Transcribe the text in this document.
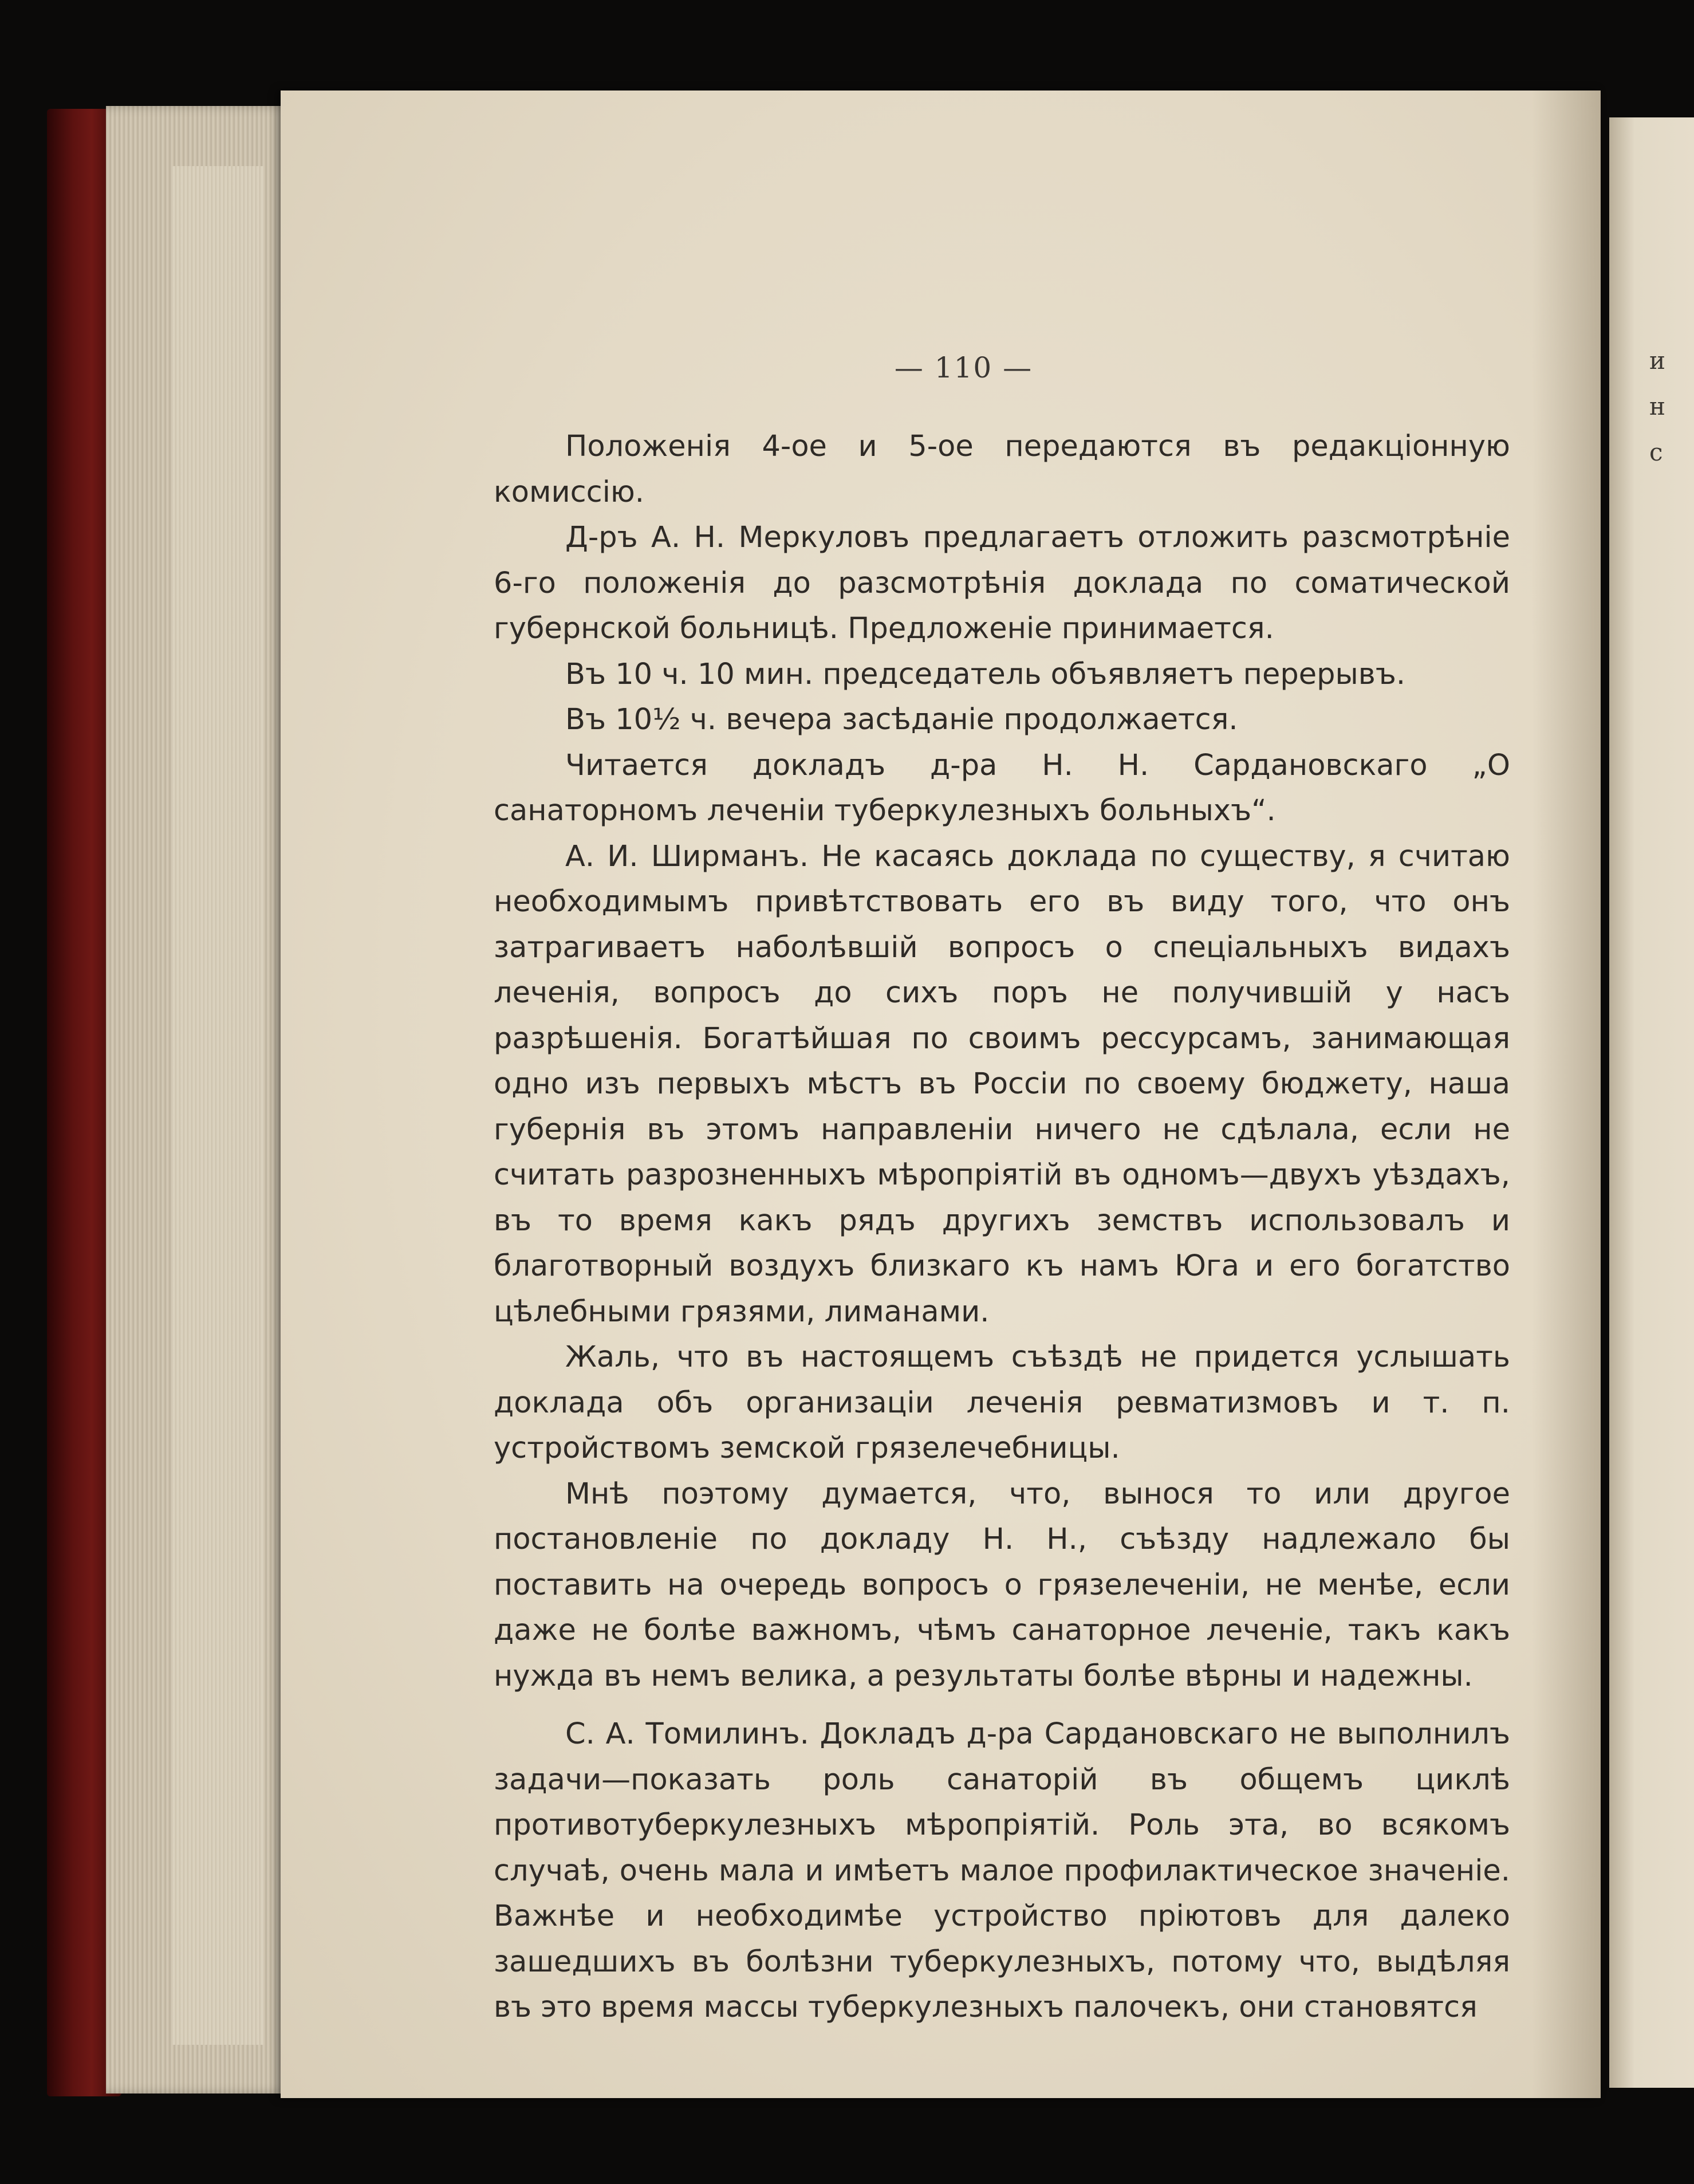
и
н
с
— 110 —

Положенія 4-ое и 5-ое передаются въ редакціонную комиссію.

Д-ръ А. Н. Меркуловъ предлагаетъ отложить разсмотрѣніе 6-го положенія до разсмотрѣнія доклада по соматической губернской больницѣ. Предложеніе принимается.

Въ 10 ч. 10 мин. председатель объявляетъ перерывъ.

Въ 10½ ч. вечера засѣданіе продолжается.

Читается докладъ д-ра Н. Н. Сардановскаго „О санаторномъ леченіи туберкулезныхъ больныхъ“.

А. И. Ширманъ. Не касаясь доклада по существу, я считаю необходимымъ привѣтствовать его въ виду того, что онъ затрагиваетъ наболѣвшій вопросъ о спеціальныхъ видахъ леченія, вопросъ до сихъ поръ не получившій у насъ разрѣшенія. Богатѣйшая по своимъ рессурсамъ, занимающая одно изъ первыхъ мѣстъ въ Россіи по своему бюджету, наша губернія въ этомъ направленіи ничего не сдѣлала, если не считать разрозненныхъ мѣропріятій въ одномъ—двухъ уѣздахъ, въ то время какъ рядъ другихъ земствъ использовалъ и благотворный воздухъ близкаго къ намъ Юга и его богатство цѣлебными грязями, лиманами.

Жаль, что въ настоящемъ съѣздѣ не придется услышать доклада объ организаціи леченія ревматизмовъ и т. п. устройствомъ земской грязелечебницы.

Мнѣ поэтому думается, что, вынося то или другое постановленіе по докладу Н. Н., съѣзду надлежало бы поставить на очередь вопросъ о грязелеченіи, не менѣе, если даже не болѣе важномъ, чѣмъ санаторное леченіе, такъ какъ нужда въ немъ велика, а результаты болѣе вѣрны и надежны.

С. А. Томилинъ. Докладъ д-ра Сардановскаго не выполнилъ задачи—показать роль санаторій въ общемъ циклѣ противотуберкулезныхъ мѣропріятій. Роль эта, во всякомъ случаѣ, очень мала и имѣетъ малое профилактическое значеніе. Важнѣе и необходимѣе устройство пріютовъ для далеко зашедшихъ въ болѣзни туберкулезныхъ, потому что, выдѣляя въ это время массы туберкулезныхъ палочекъ, они становятся
